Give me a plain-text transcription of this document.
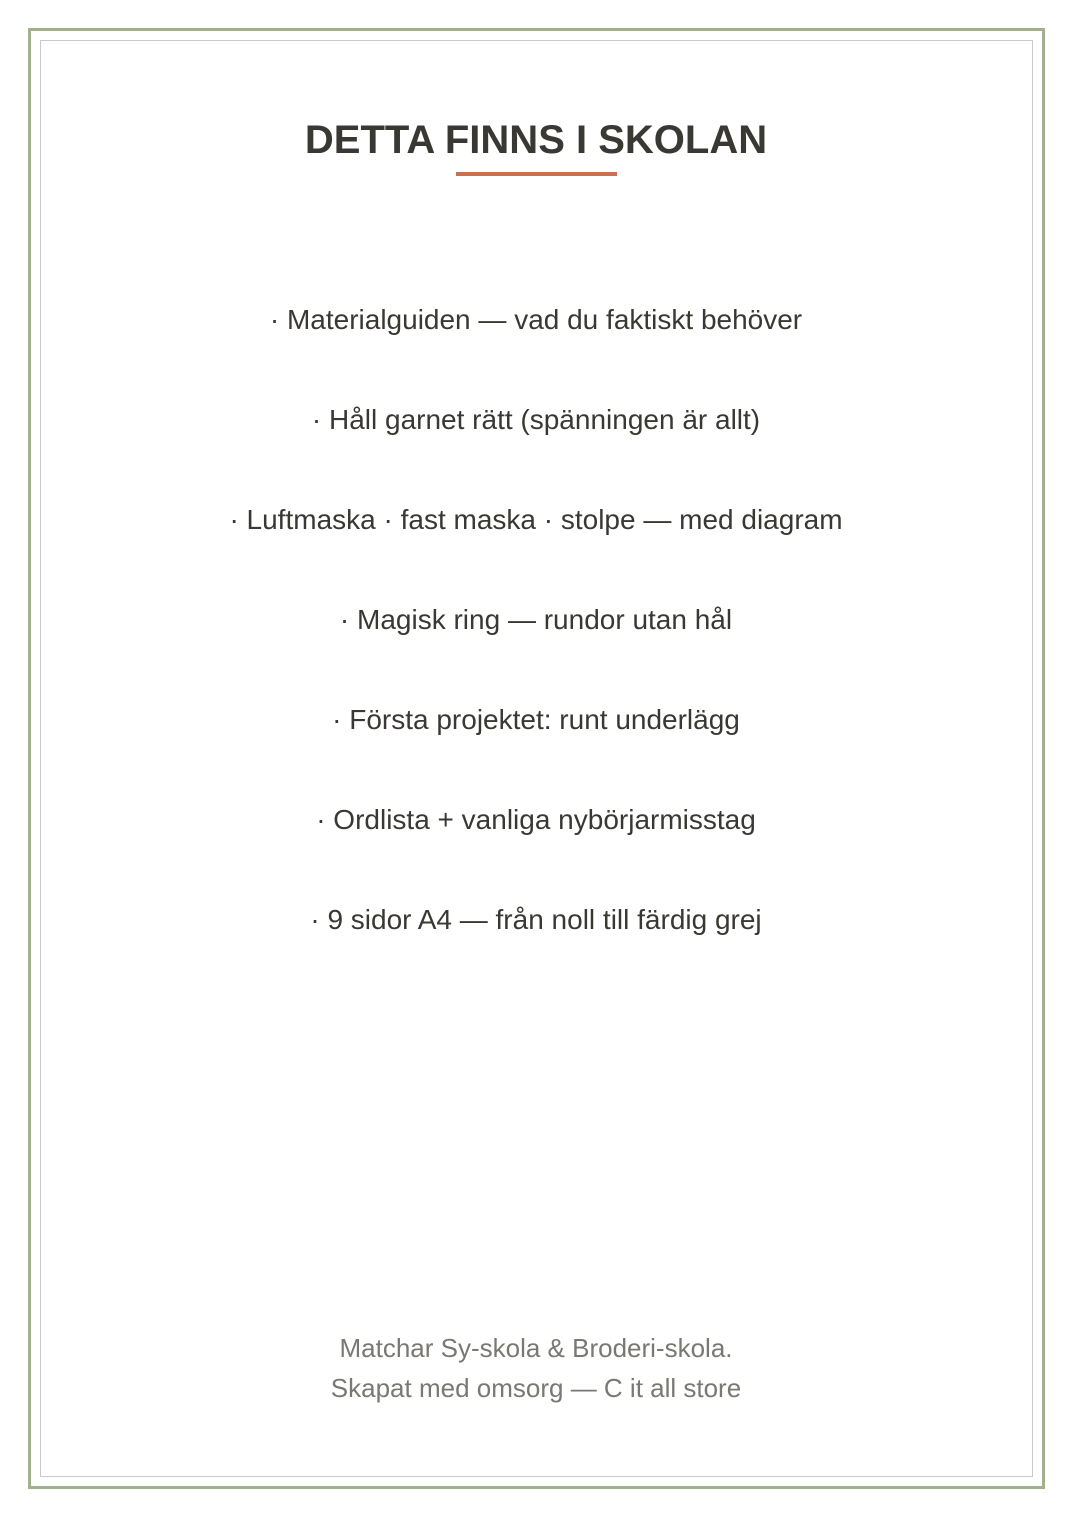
DETTA FINNS I SKOLAN
· Materialguiden — vad du faktiskt behöver
· Håll garnet rätt (spänningen är allt)
· Luftmaska · fast maska · stolpe — med diagram
· Magisk ring — rundor utan hål
· Första projektet: runt underlägg
· Ordlista + vanliga nybörjarmisstag
· 9 sidor A4 — från noll till färdig grej
Matchar Sy-skola & Broderi-skola.
Skapat med omsorg — C it all store
